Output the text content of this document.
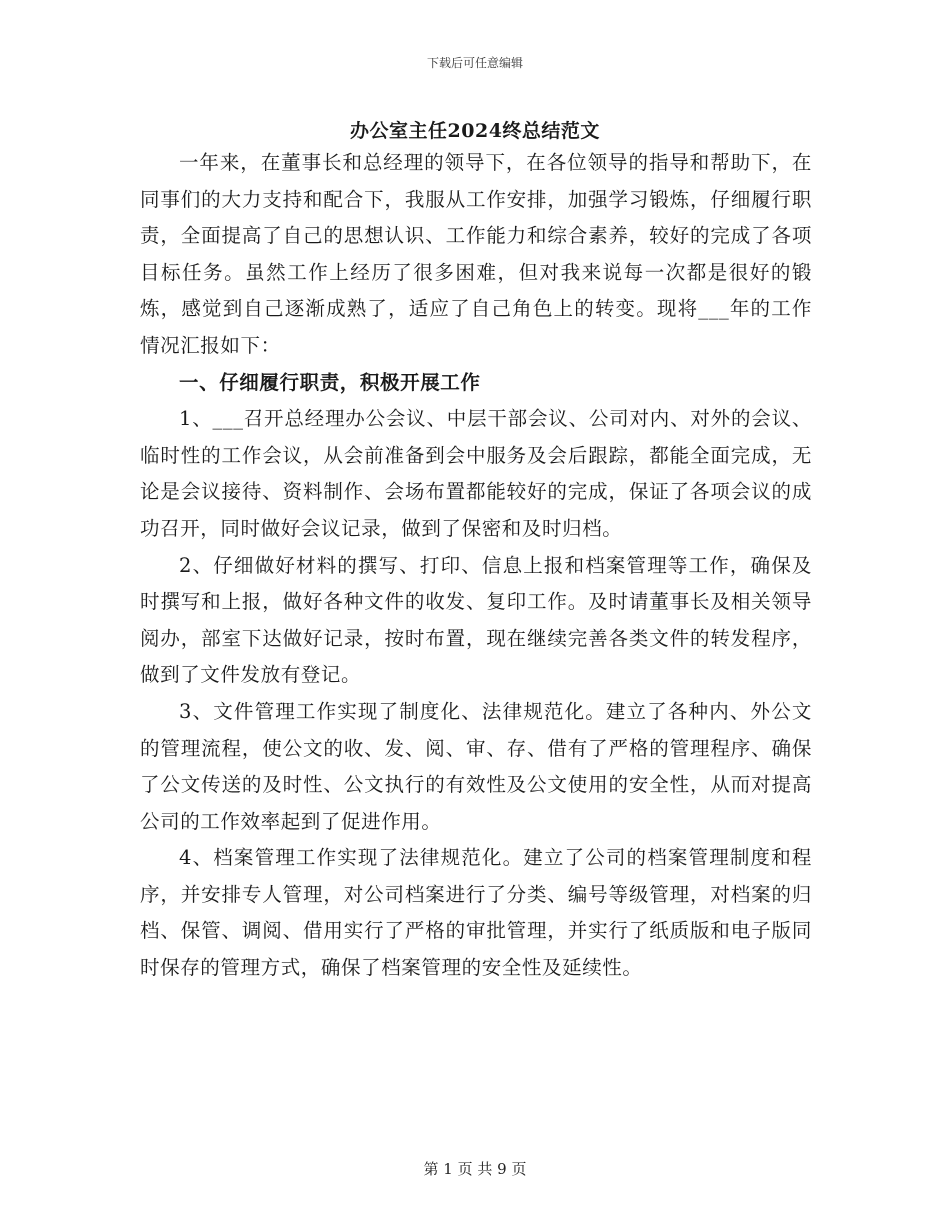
下载后可任意编辑
办公室主任2024终总结范文

一年来，在董事长和总经理的领导下，在各位领导的指导和帮助下，在同事们的大力支持和配合下，我服从工作安排，加强学习锻炼，仔细履行职责，全面提高了自己的思想认识、工作能力和综合素养，较好的完成了各项目标任务。虽然工作上经历了很多困难，但对我来说每一次都是很好的锻炼，感觉到自己逐渐成熟了，适应了自己角色上的转变。现将___年的工作情况汇报如下：

一、仔细履行职责，积极开展工作

1、___召开总经理办公会议、中层干部会议、公司对内、对外的会议、临时性的工作会议，从会前准备到会中服务及会后跟踪，都能全面完成，无论是会议接待、资料制作、会场布置都能较好的完成，保证了各项会议的成功召开，同时做好会议记录，做到了保密和及时归档。

2、仔细做好材料的撰写、打印、信息上报和档案管理等工作，确保及时撰写和上报，做好各种文件的收发、复印工作。及时请董事长及相关领导阅办，部室下达做好记录，按时布置，现在继续完善各类文件的转发程序，做到了文件发放有登记。

3、文件管理工作实现了制度化、法律规范化。建立了各种内、外公文的管理流程，使公文的收、发、阅、审、存、借有了严格的管理程序、确保了公文传送的及时性、公文执行的有效性及公文使用的安全性，从而对提高公司的工作效率起到了促进作用。

4、档案管理工作实现了法律规范化。建立了公司的档案管理制度和程序，并安排专人管理，对公司档案进行了分类、编号等级管理，对档案的归档、保管、调阅、借用实行了严格的审批管理，并实行了纸质版和电子版同时保存的管理方式，确保了档案管理的安全性及延续性。

第 1 页 共 9 页
